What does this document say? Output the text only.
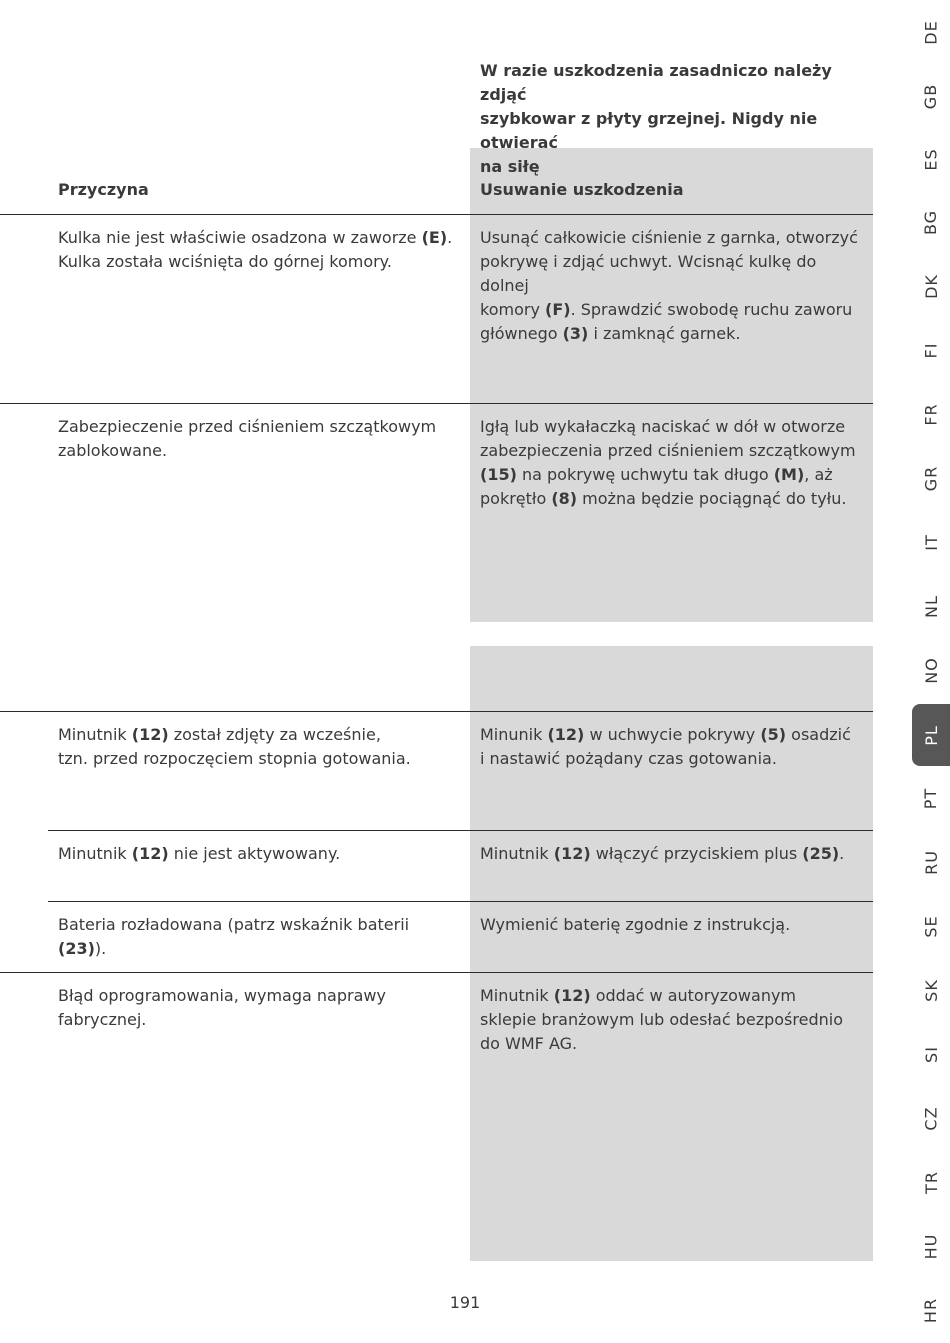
W razie uszkodzenia zasadniczo należy zdjąć
szybkowar z płyty grzejnej. Nigdy nie otwierać
na siłę
Przyczyna	Usuwanie uszkodzenia
Kulka nie jest właściwie osadzona w zaworze (E).
Kulka została wciśnięta do górnej komory.
Usunąć całkowicie ciśnienie z garnka, otworzyć
pokrywę i zdjąć uchwyt. Wcisnąć kulkę do dolnej
komory (F). Sprawdzić swobodę ruchu zaworu
głównego (3) i zamknąć garnek.
Zabezpieczenie przed ciśnieniem szczątkowym
zablokowane.
Igłą lub wykałaczką naciskać w dół w otworze
zabezpieczenia przed ciśnieniem szczątkowym
(15) na pokrywę uchwytu tak długo (M), aż
pokrętło (8) można będzie pociągnąć do tyłu.
Minutnik (12) został zdjęty za wcześnie,
tzn. przed rozpoczęciem stopnia gotowania.
Minunik (12) w uchwycie pokrywy (5) osadzić
i nastawić pożądany czas gotowania.
Minutnik (12) nie jest aktywowany.	Minutnik (12) włączyć przyciskiem plus (25).
Bateria rozładowana (patrz wskaźnik baterii
(23)).
Wymienić baterię zgodnie z instrukcją.
Błąd oprogramowania, wymaga naprawy
fabrycznej.
Minutnik (12) oddać w autoryzowanym
sklepie branżowym lub odesłać bezpośrednio
do WMF AG.
DE
GB
ES
BG
DK
FI
FR
GR
IT
NL
NO
PL
PT
RU
SE
SK
SI
CZ
TR
HU
HR
191
